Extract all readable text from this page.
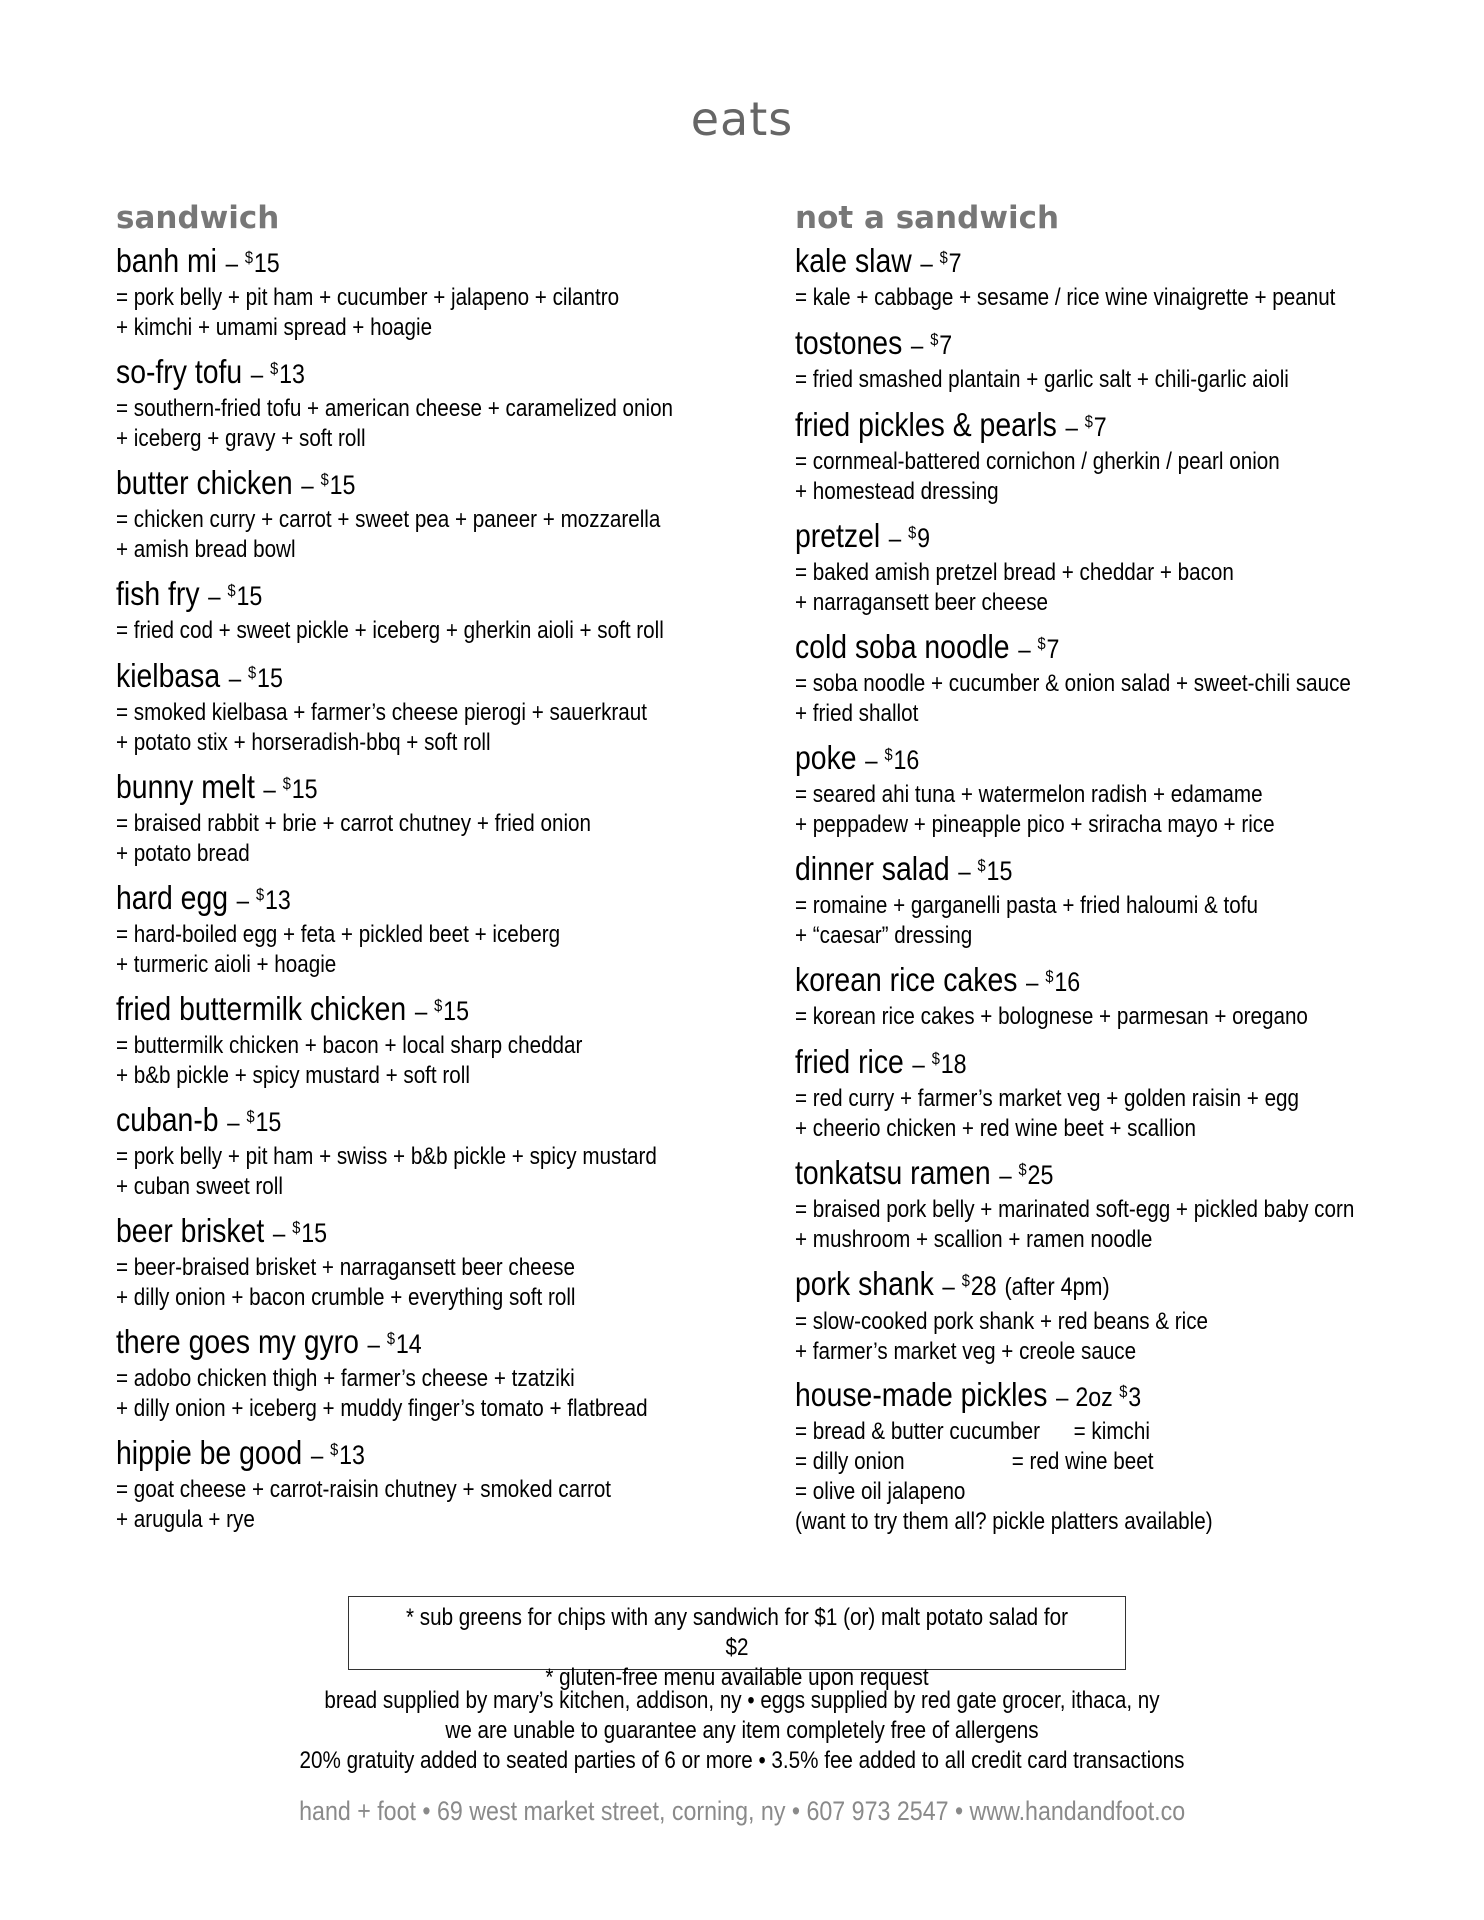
eats
sandwich
banh mi – $15
= pork belly + pit ham + cucumber + jalapeno + cilantro
+ kimchi + umami spread + hoagie
so-fry tofu – $13
= southern-fried tofu + american cheese + caramelized onion
+ iceberg + gravy + soft roll
butter chicken – $15
= chicken curry + carrot + sweet pea + paneer + mozzarella
+ amish bread bowl
fish fry – $15
= fried cod + sweet pickle + iceberg + gherkin aioli + soft roll
kielbasa – $15
= smoked kielbasa + farmer’s cheese pierogi + sauerkraut
+ potato stix + horseradish-bbq + soft roll
bunny melt – $15
= braised rabbit + brie + carrot chutney + fried onion
+ potato bread
hard egg – $13
= hard-boiled egg + feta + pickled beet + iceberg
+ turmeric aioli + hoagie
fried buttermilk chicken – $15
= buttermilk chicken + bacon + local sharp cheddar
+ b&b pickle + spicy mustard + soft roll
cuban-b – $15
= pork belly + pit ham + swiss + b&b pickle + spicy mustard
+ cuban sweet roll
beer brisket – $15
= beer-braised brisket + narragansett beer cheese
+ dilly onion + bacon crumble + everything soft roll
there goes my gyro – $14
= adobo chicken thigh + farmer’s cheese + tzatziki
+ dilly onion + iceberg + muddy finger’s tomato + flatbread
hippie be good – $13
= goat cheese + carrot-raisin chutney + smoked carrot
+ arugula + rye
not a sandwich
kale slaw – $7
= kale + cabbage + sesame / rice wine vinaigrette + peanut
tostones – $7
= fried smashed plantain + garlic salt + chili-garlic aioli
fried pickles & pearls – $7
= cornmeal-battered cornichon / gherkin / pearl onion
+ homestead dressing
pretzel – $9
= baked amish pretzel bread + cheddar + bacon
+ narragansett beer cheese
cold soba noodle – $7
= soba noodle + cucumber & onion salad + sweet-chili sauce
+ fried shallot
poke – $16
= seared ahi tuna + watermelon radish + edamame
+ peppadew + pineapple pico + sriracha mayo + rice
dinner salad – $15
= romaine + garganelli pasta + fried haloumi & tofu
+ “caesar” dressing
korean rice cakes – $16
= korean rice cakes + bolognese + parmesan + oregano
fried rice – $18
= red curry + farmer’s market veg + golden raisin + egg
+ cheerio chicken + red wine beet + scallion
tonkatsu ramen – $25
= braised pork belly + marinated soft-egg + pickled baby corn
+ mushroom + scallion + ramen noodle
pork shank – $28 (after 4pm)
= slow-cooked pork shank + red beans & rice
+ farmer’s market veg + creole sauce
house-made pickles – 2oz $3
= bread & butter cucumber = kimchi
= dilly onion	= red wine beet
= olive oil jalapeno
(want to try them all? pickle platters available)
* sub greens for chips with any sandwich for $1 (or) malt potato salad for $2
* gluten-free menu available upon request
bread supplied by mary’s kitchen, addison, ny • eggs supplied by red gate grocer, ithaca, ny
we are unable to guarantee any item completely free of allergens
20% gratuity added to seated parties of 6 or more • 3.5% fee added to all credit card transactions
hand + foot • 69 west market street, corning, ny • 607 973 2547 • www.handandfoot.co
